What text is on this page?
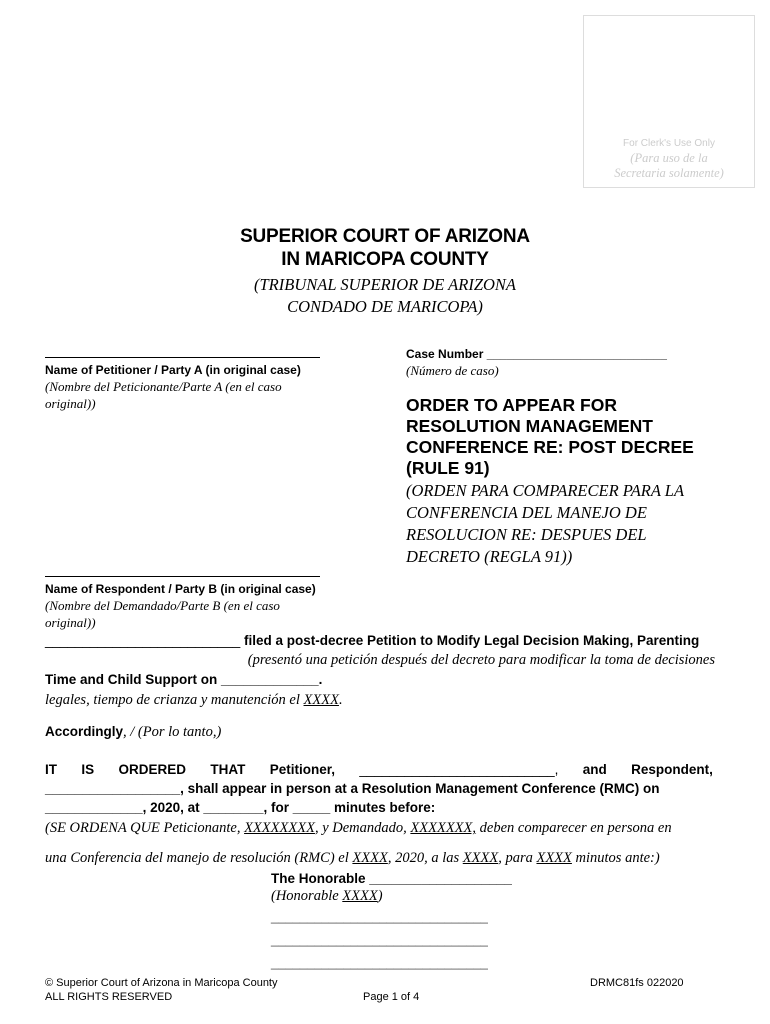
For Clerk's Use Only
(Para uso de la Secretaria solamente)
SUPERIOR COURT OF ARIZONA
IN MARICOPA COUNTY
(TRIBUNAL SUPERIOR DE ARIZONA
CONDADO DE MARICOPA)
Name of Petitioner / Party A (in original case)
(Nombre del Peticionante/Parte A (en el caso original))
Case Number ___________________________
(Número de caso)
ORDER TO APPEAR FOR
RESOLUTION MANAGEMENT
CONFERENCE RE: POST DECREE
(RULE 91)
(ORDEN PARA COMPARECER PARA LA
CONFERENCIA DEL MANEJO DE
RESOLUCION RE: DESPUES DEL
DECRETO (REGLA 91))
Name of Respondent / Party B (in original case)
(Nombre del Demandado/Parte B (en el caso original))
__________________________ filed a post-decree Petition to Modify Legal Decision Making, Parenting
(presentó una petición después del decreto para modificar la toma de decisiones
Time and Child Support on _____________.
legales, tiempo de crianza y manutención el XXXX.
Accordingly, / (Por lo tanto,)
IT IS ORDERED THAT Petitioner, __________________________, and Respondent,
__________________, shall appear in person at a Resolution Management Conference (RMC) on
_____________, 2020, at ________, for _____ minutes before:
(SE ORDENA QUE Peticionante, XXXXXXXX, y Demandado, XXXXXXX, deben comparecer en persona en
una Conferencia del manejo de resolución (RMC) el XXXX, 2020, a las XXXX, para XXXX minutos ante:)
The Honorable ___________________
(Honorable XXXX)
______________________________
______________________________
______________________________
© Superior Court of Arizona in Maricopa County
ALL RIGHTS RESERVED	Page 1 of 4
DRMC81fs 022020
